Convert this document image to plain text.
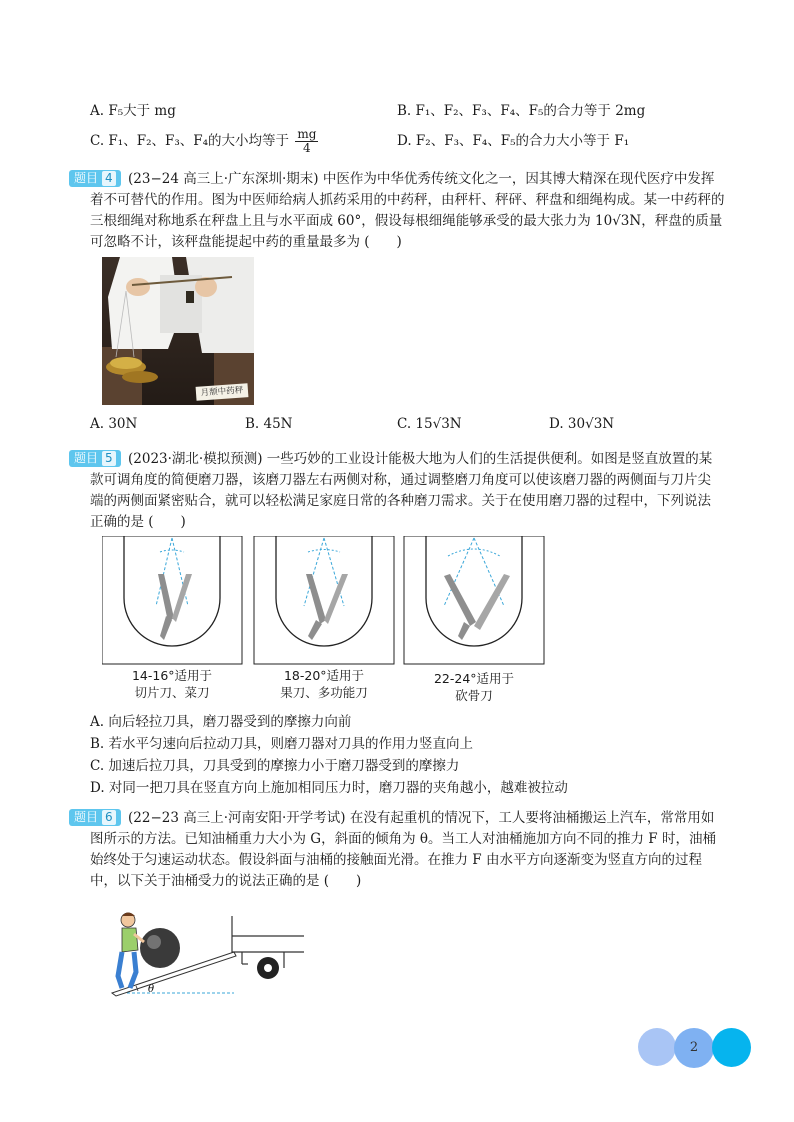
A. F₅大于 mg	B. F₁、F₂、F₃、F₄、F₅的合力等于 2mg
C. F₁、F₂、F₃、F₄的大小均等于 $\frac{mg}{4}$	D. F₂、F₃、F₄、F₅的合力大小等于 F₁
题目 4	(23−24 高三上·广东深圳·期末) 中医作为中华优秀传统文化之一，因其博大精深在现代医疗中发挥
着不可替代的作用。图为中医师给病人抓药采用的中药秤，由秤杆、秤砰、秤盘和细绳构成。某一中药秤的
三根细绳对称地系在秤盘上且与水平面成 60°，假设每根细绳能够承受的最大张力为 10√3N，秤盘的质量
可忽略不计，该秤盘能提起中药的重量最多为 (　　)
月颓中药秤
A. 30N	B. 45N	C. 15√3N	D. 30√3N
题目 5	(2023·湖北·模拟预测) 一些巧妙的工业设计能极大地为人们的生活提供便利。如图是竖直放置的某
款可调角度的简便磨刀器，该磨刀器左右两侧对称，通过调整磨刀角度可以使该磨刀器的两侧面与刀片尖
端的两侧面紧密贴合，就可以轻松满足家庭日常的各种磨刀需求。关于在使用磨刀器的过程中，下列说法
正确的是 (　　)
14-16°适用于
切片刀、菜刀
18-20°适用于
果刀、多功能刀
22-24°适用于
砍骨刀
A. 向后轻拉刀具，磨刀器受到的摩擦力向前
B. 若水平匀速向后拉动刀具，则磨刀器对刀具的作用力竖直向上
C. 加速后拉刀具，刀具受到的摩擦力小于磨刀器受到的摩擦力
D. 对同一把刀具在竖直方向上施加相同压力时，磨刀器的夹角越小，越难被拉动
题目 6	(22−23 高三上·河南安阳·开学考试) 在没有起重机的情况下，工人要将油桶搬运上汽车，常常用如
图所示的方法。已知油桶重力大小为 G，斜面的倾角为 θ。当工人对油桶施加方向不同的推力 F 时，油桶
始终处于匀速运动状态。假设斜面与油桶的接触面光滑。在推力 F 由水平方向逐渐变为竖直方向的过程
中，以下关于油桶受力的说法正确的是 (　　)
θ
2
